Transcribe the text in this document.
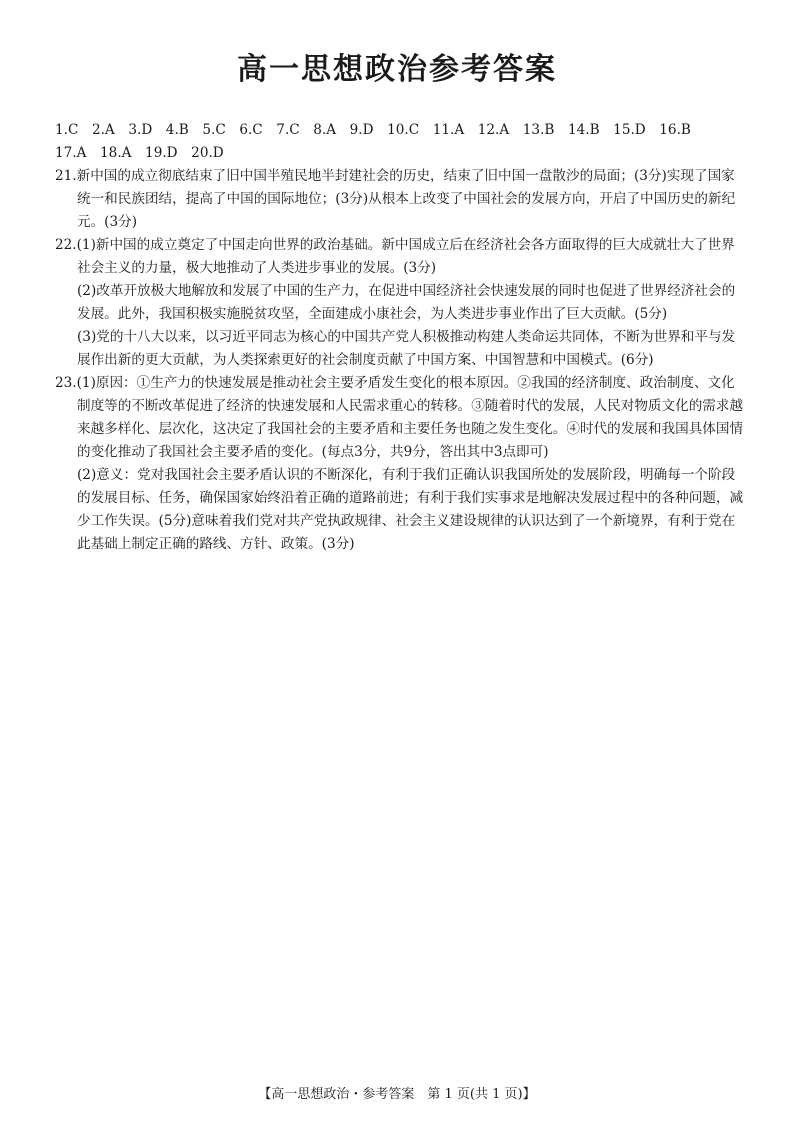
高一思想政治参考答案

1.C　2.A　3.D　4.B　5.C　6.C　7.C　8.A　9.D　10.C　11.A　12.A　13.B　14.B　15.D　16.B

17.A　18.A　19.D　20.D

21.新中国的成立彻底结束了旧中国半殖民地半封建社会的历史，结束了旧中国一盘散沙的局面；(3分)实现了国家统一和民族团结，提高了中国的国际地位；(3分)从根本上改变了中国社会的发展方向，开启了中国历史的新纪元。(3分)

22.(1)新中国的成立奠定了中国走向世界的政治基础。新中国成立后在经济社会各方面取得的巨大成就壮大了世界社会主义的力量，极大地推动了人类进步事业的发展。(3分)

(2)改革开放极大地解放和发展了中国的生产力，在促进中国经济社会快速发展的同时也促进了世界经济社会的发展。此外，我国积极实施脱贫攻坚，全面建成小康社会，为人类进步事业作出了巨大贡献。(5分)

(3)党的十八大以来，以习近平同志为核心的中国共产党人积极推动构建人类命运共同体，不断为世界和平与发展作出新的更大贡献，为人类探索更好的社会制度贡献了中国方案、中国智慧和中国模式。(6分)

23.(1)原因：①生产力的快速发展是推动社会主要矛盾发生变化的根本原因。②我国的经济制度、政治制度、文化制度等的不断改革促进了经济的快速发展和人民需求重心的转移。③随着时代的发展，人民对物质文化的需求越来越多样化、层次化，这决定了我国社会的主要矛盾和主要任务也随之发生变化。④时代的发展和我国具体国情的变化推动了我国社会主要矛盾的变化。(每点3分，共9分，答出其中3点即可)

(2)意义：党对我国社会主要矛盾认识的不断深化，有利于我们正确认识我国所处的发展阶段，明确每一个阶段的发展目标、任务，确保国家始终沿着正确的道路前进；有利于我们实事求是地解决发展过程中的各种问题，减少工作失误。(5分)意味着我们党对共产党执政规律、社会主义建设规律的认识达到了一个新境界，有利于党在此基础上制定正确的路线、方针、政策。(3分)

【高一思想政治・参考答案　第 1 页(共 1 页)】
